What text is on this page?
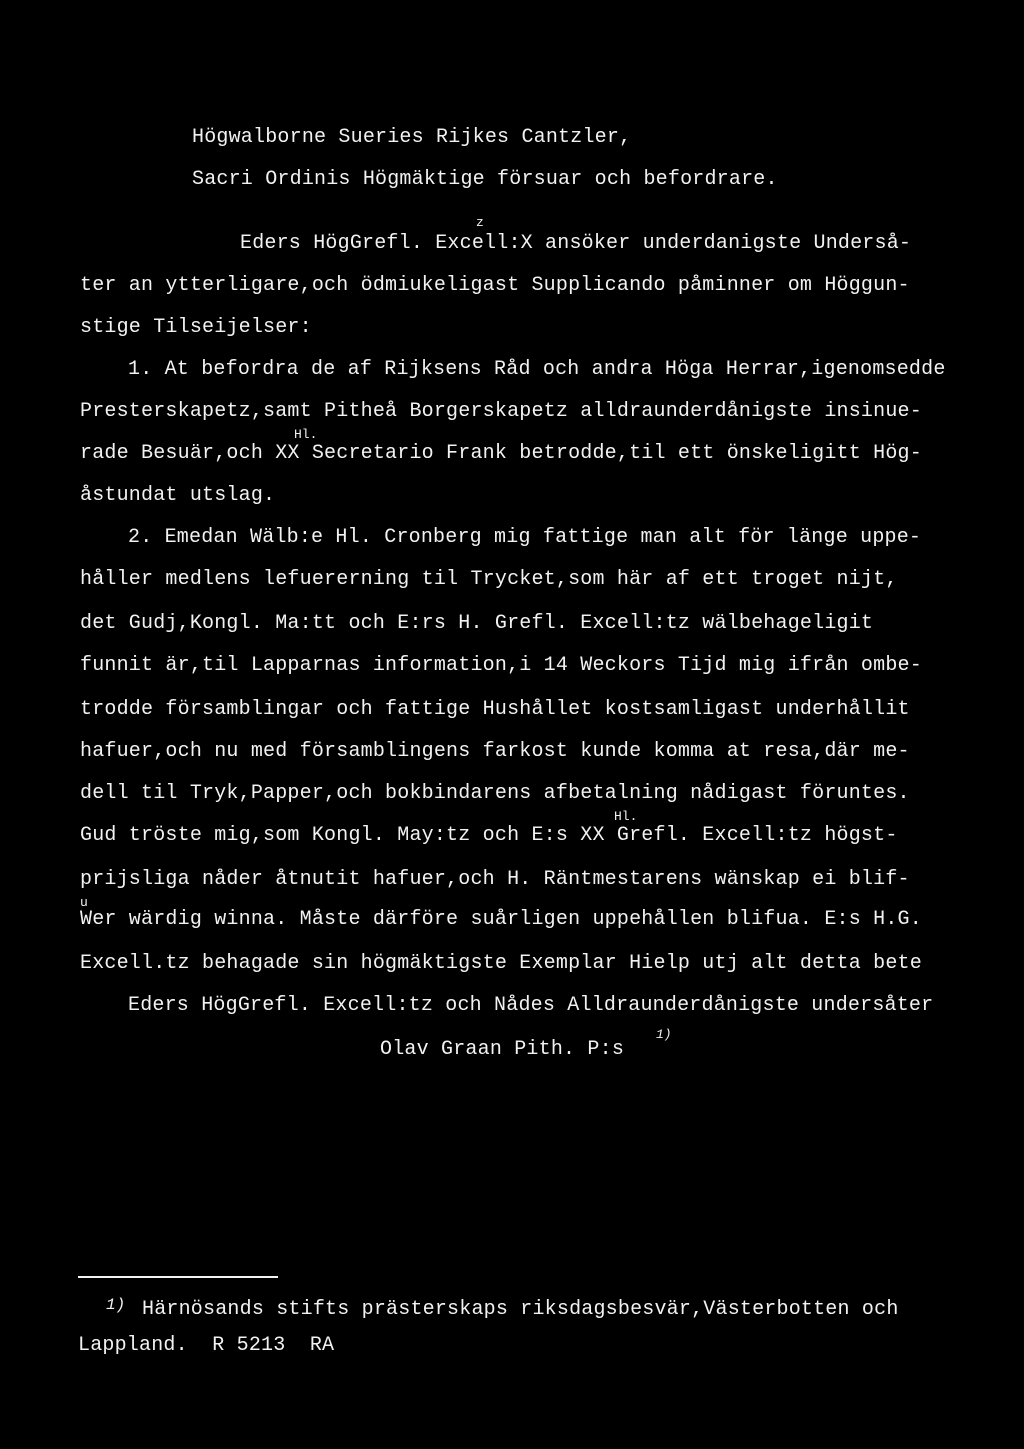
Högwalborne Sueries Rijkes Cantzler,
Sacri Ordinis Högmäktige försuar och befordrare.
z
Eders HögGrefl. Excell:X ansöker underdanigste Underså-
ter an ytterligare,och ödmiukeligast Supplicando påminner om Höggun-
stige Tilseijelser:
1. At befordra de af Rijksens Råd och andra Höga Herrar,igenomsedde
Presterskapetz,samt Pitheå Borgerskapetz alldraunderdånigste insinue-
Hl.
rade Besuär,och XX Secretario Frank betrodde,til ett önskeligitt Hög-
åstundat utslag.
2. Emedan Wälb:e Hl. Cronberg mig fattige man alt för länge uppe-
håller medlens lefuererning til Trycket,som här af ett troget nijt,
det Gudj,Kongl. Ma:tt och E:rs H. Grefl. Excell:tz wälbehageligit
funnit är,til Lapparnas information,i 14 Weckors Tijd mig ifrån ombe-
trodde församblingar och fattige Hushållet kostsamligast underhållit
hafuer,och nu med församblingens farkost kunde komma at resa,där me-
dell til Tryk,Papper,och bokbindarens afbetalning nådigast föruntes.
Hl.
Gud tröste mig,som Kongl. May:tz och E:s XX Grefl. Excell:tz högst-
prijsliga nåder åtnutit hafuer,och H. Räntmestarens wänskap ei blif-
u
Wer wärdig winna. Måste därföre suårligen uppehållen blifua. E:s H.G.
Excell.tz behagade sin högmäktigste Exemplar Hielp utj alt detta bete
Eders HögGrefl. Excell:tz och Nådes Alldraunderdånigste undersåter
Olav Graan Pith. P:s
1)
1) Härnösands stifts prästerskaps riksdagsbesvär,Västerbotten och
Lappland.  R 5213  RA
